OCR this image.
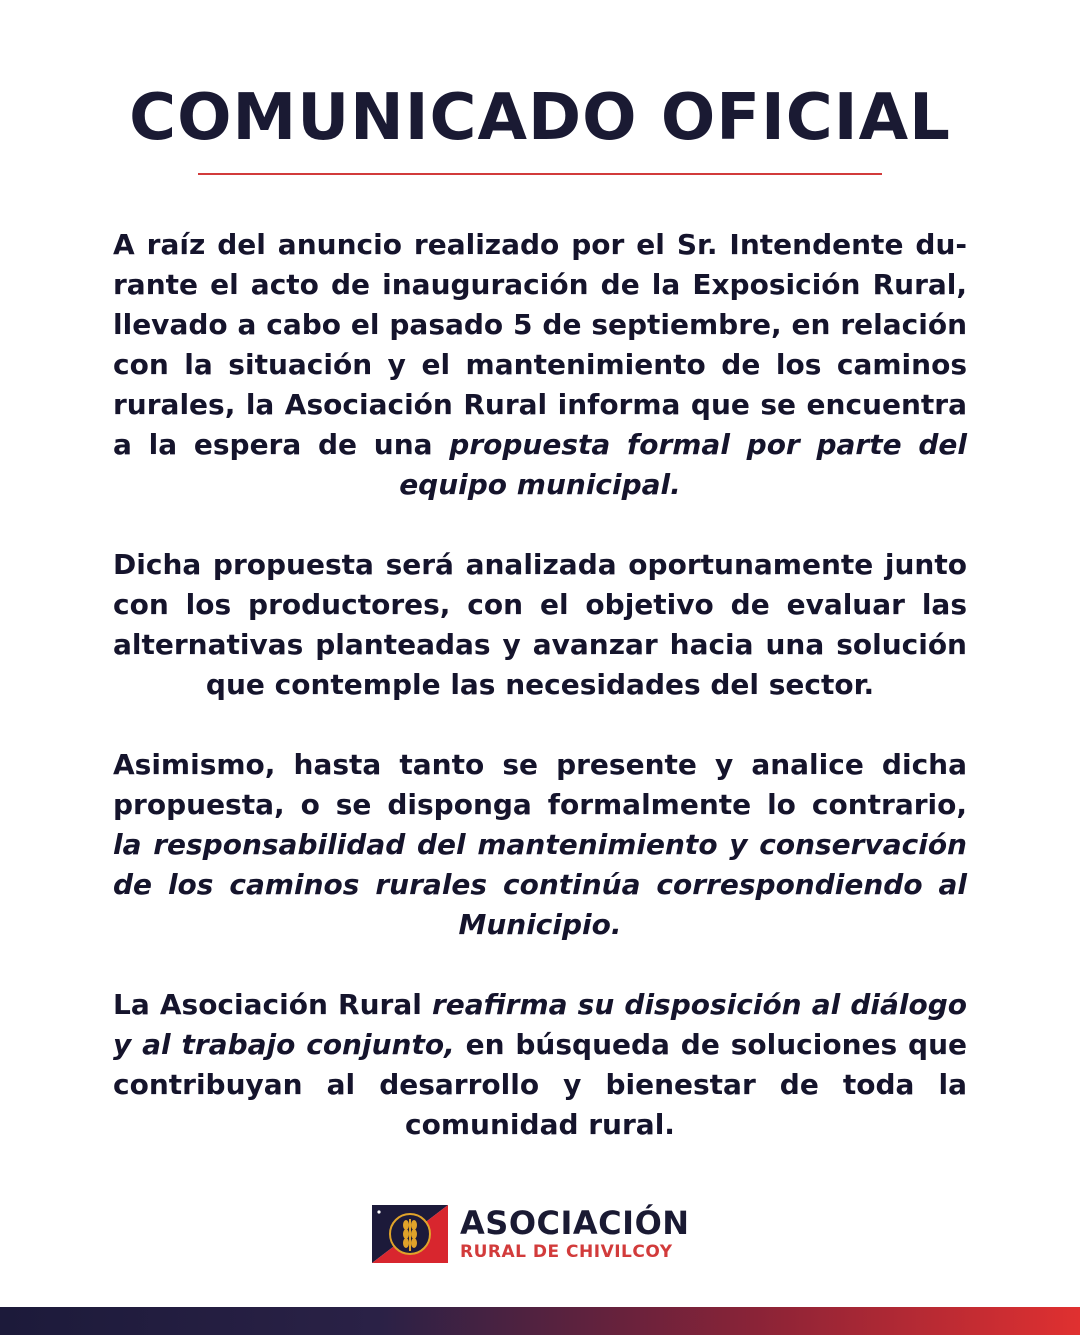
COMUNICADO OFICIAL

A raíz del anuncio realizado por el Sr. Intendente durante el acto de inauguración de la Exposición Rural, llevado a cabo el pasado 5 de septiembre, en relación con la situación y el mantenimiento de los caminos rurales, la Asociación Rural informa que se encuentra a la espera de una propuesta formal por parte del equipo municipal.

Dicha propuesta será analizada oportunamente junto con los productores, con el objetivo de evaluar las alternativas planteadas y avanzar hacia una solución que contemple las necesidades del sector.

Asimismo, hasta tanto se presente y analice dicha propuesta, o se disponga formalmente lo contrario, la responsabilidad del mantenimiento y conservación de los caminos rurales continúa correspondiendo al Municipio.

La Asociación Rural reafirma su disposición al diálogo y al trabajo conjunto, en búsqueda de soluciones que contribuyan al desarrollo y bienestar de toda la comunidad rural.

ASOCIACIÓN
RURAL DE CHIVILCOY
